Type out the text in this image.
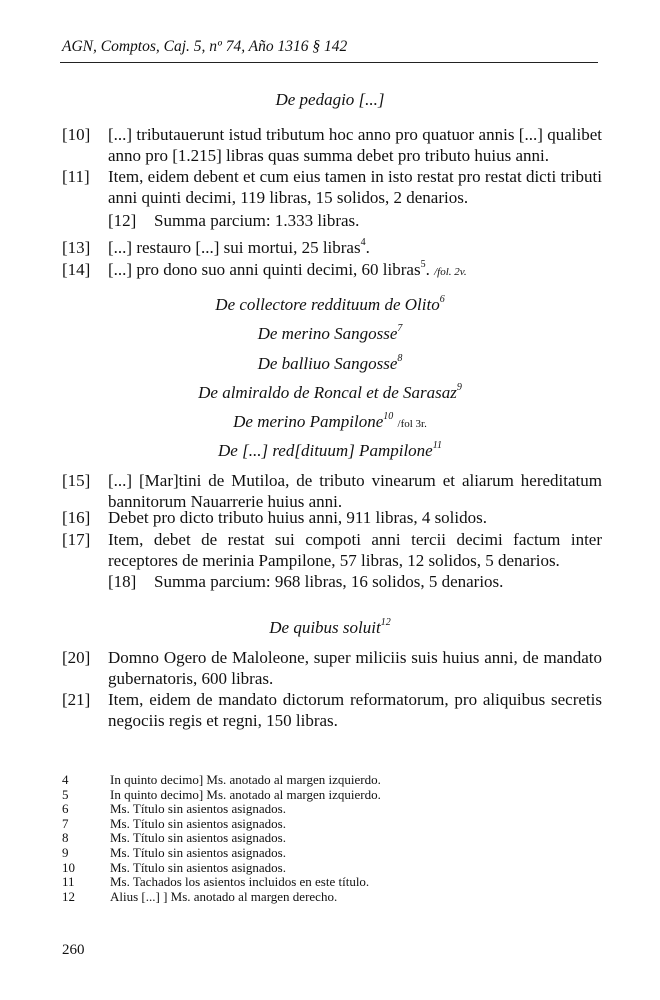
AGN, Comptos, Caj. 5, nº 74, Año 1316 § 142
De pedagio [...]
[10] [...] tributauerunt istud tributum hoc anno pro quatuor annis [...] qualibet anno pro [1.215] libras quas summa debet pro tributo huius anni.
[11] Item, eidem debent et cum eius tamen in isto restat pro restat dicti tributi anni quinti decimi, 119 libras, 15 solidos, 2 denarios.
[12] Summa parcium: 1.333 libras.
[13] [...] restauro [...] sui mortui, 25 libras$^4$.
[14] [...] pro dono suo anni quinti decimi, 60 libras$^5$. /fol. 2v.
De collectore reddituum de Olito$^6$
De merino Sangosse$^7$
De balliuo Sangosse$^8$
De almiraldo de Roncal et de Sarasaz$^9$
De merino Pampilone$^{10}$ /fol 3r.
De [...] red[dituum] Pampilone$^{11}$
[15] [...] [Mar]tini de Mutiloa, de tributo vinearum et aliarum hereditatum bannitorum Nauarrerie huius anni.
[16] Debet pro dicto tributo huius anni, 911 libras, 4 solidos.
[17] Item, debet de restat sui compoti anni tercii decimi factum inter receptores de merinia Pampilone, 57 libras, 12 solidos, 5 denarios.
[18] Summa parcium: 968 libras, 16 solidos, 5 denarios.
De quibus soluit$^{12}$
[20] Domno Ogero de Maloleone, super miliciis suis huius anni, de mandato gubernatoris, 600 libras.
[21] Item, eidem de mandato dictorum reformatorum, pro aliquibus secretis negociis regis et regni, 150 libras.
4	In quinto decimo] Ms. anotado al margen izquierdo.
5	In quinto decimo] Ms. anotado al margen izquierdo.
6	Ms. Título sin asientos asignados.
7	Ms. Título sin asientos asignados.
8	Ms. Título sin asientos asignados.
9	Ms. Título sin asientos asignados.
10	Ms. Título sin asientos asignados.
11	Ms. Tachados los asientos incluidos en este título.
12	Alius [...] ] Ms. anotado al margen derecho.
260
